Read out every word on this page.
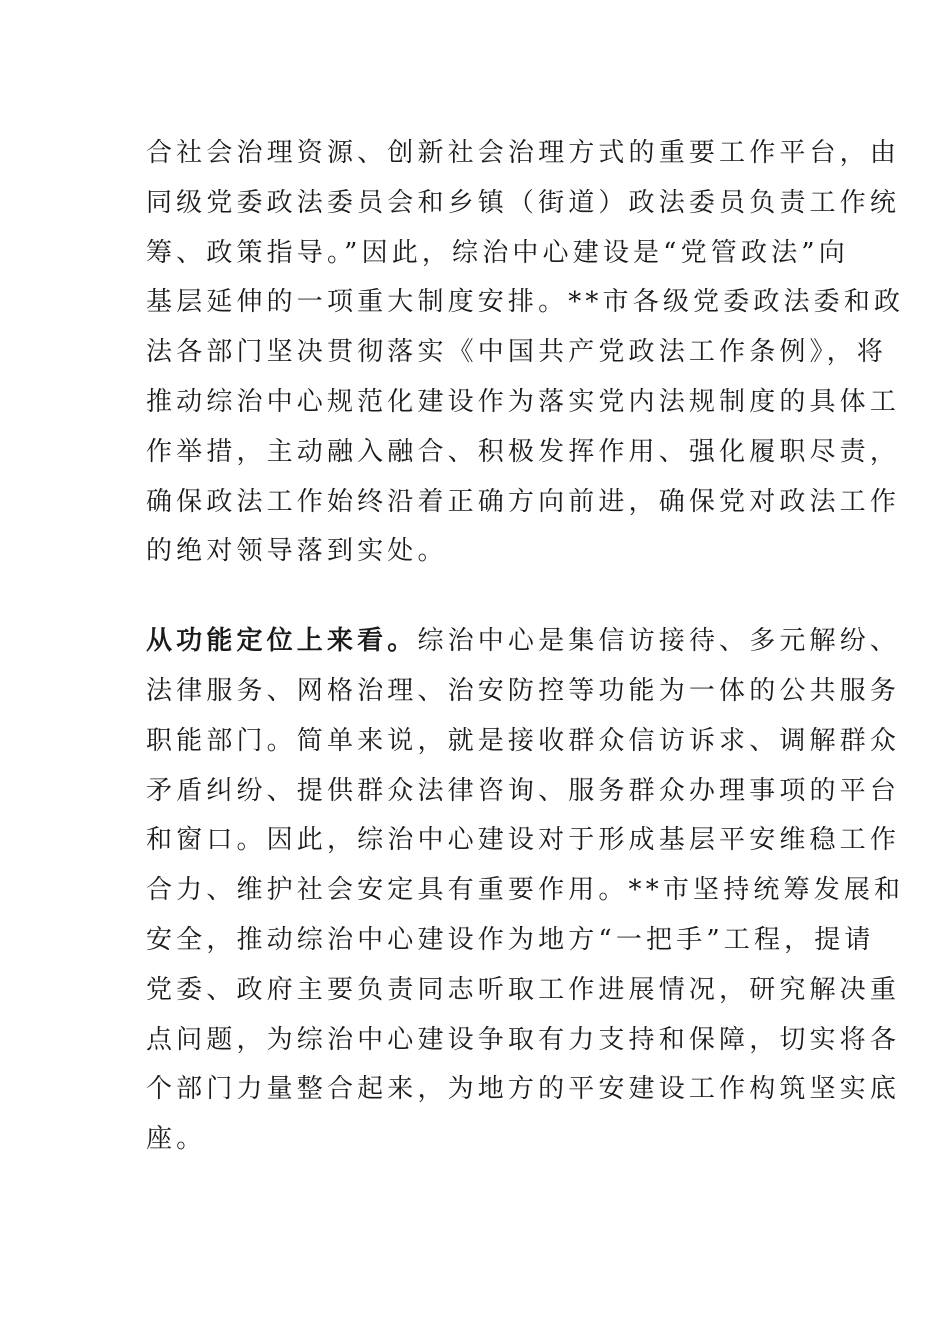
合社会治理资源、创新社会治理方式的重要工作平台，由

同级党委政法委员会和乡镇（街道）政法委员负责工作统

筹、政策指导。”因此，综治中心建设是“党管政法”向

基层延伸的一项重大制度安排。**市各级党委政法委和政

法各部门坚决贯彻落实《中国共产党政法工作条例》，将

推动综治中心规范化建设作为落实党内法规制度的具体工

作举措，主动融入融合、积极发挥作用、强化履职尽责，

确保政法工作始终沿着正确方向前进，确保党对政法工作

的绝对领导落到实处。

从功能定位上来看。综治中心是集信访接待、多元解纷、

法律服务、网格治理、治安防控等功能为一体的公共服务

职能部门。简单来说，就是接收群众信访诉求、调解群众

矛盾纠纷、提供群众法律咨询、服务群众办理事项的平台

和窗口。因此，综治中心建设对于形成基层平安维稳工作

合力、维护社会安定具有重要作用。**市坚持统筹发展和

安全，推动综治中心建设作为地方“一把手”工程，提请

党委、政府主要负责同志听取工作进展情况，研究解决重

点问题，为综治中心建设争取有力支持和保障，切实将各

个部门力量整合起来，为地方的平安建设工作构筑坚实底

座。
